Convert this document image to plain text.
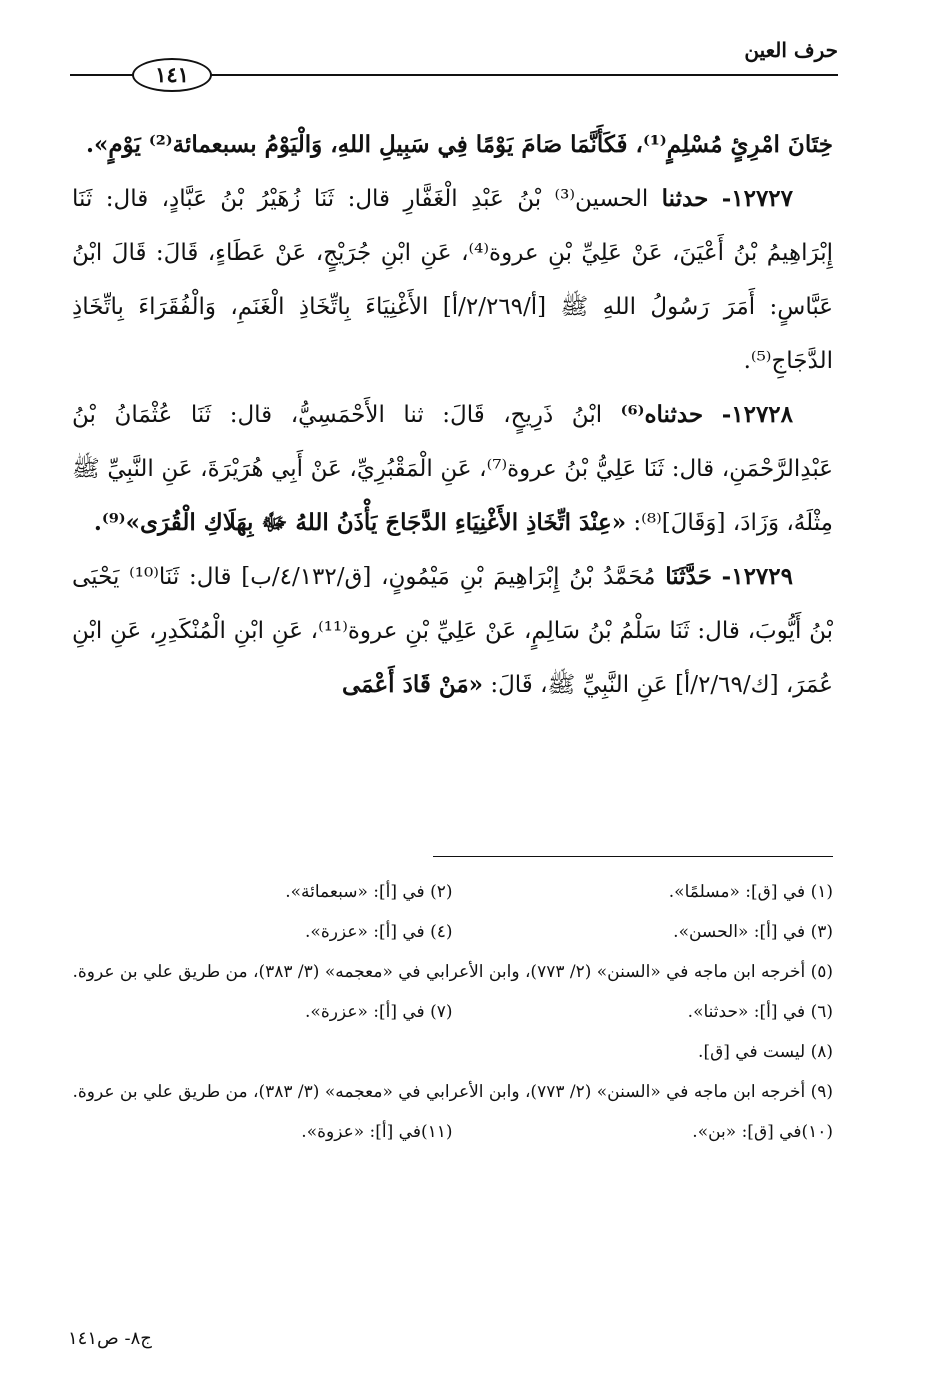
حرف العين
١٤١

خِتَانَ امْرِئٍ مُسْلِمٍ⁽¹⁾، فَكَأَنَّمَا صَامَ يَوْمًا فِي سَبِيلِ اللهِ، وَالْيَوْمُ بسبعمائة⁽²⁾ يَوْمٍ».

١٢٧٢٧- حدثنا الحسين⁽³⁾ بْنُ عَبْدِ الْغَفَّارِ قال: ثَنَا زُهَيْرُ بْنُ عَبَّادٍ، قال: ثَنَا إِبْرَاهِيمُ بْنُ أَعْيَنَ، عَنْ عَلِيِّ بْنِ عروة⁽⁴⁾، عَنِ ابْنِ جُرَيْجٍ، عَنْ عَطَاءٍ، قَالَ: قَالَ ابْنُ عَبَّاسٍ: أَمَرَ رَسُولُ اللهِ ﷺ [أ/٢/٢٦٩/أ] الأَغْنِيَاءَ بِاتِّخَاذِ الْغَنَمِ، وَالْفُقَرَاءَ بِاتِّخَاذِ الدَّجَاجِ⁽⁵⁾.

١٢٧٢٨- حدثناه⁽⁶⁾ ابْنُ ذَرِيحٍ، قَالَ: ثنا الأَحْمَسِيُّ، قال: ثَنَا عُثْمَانُ بْنُ عَبْدِالرَّحْمَنِ، قال: ثَنَا عَلِيُّ بْنُ عروة⁽⁷⁾، عَنِ الْمَقْبُرِيِّ، عَنْ أَبِي هُرَيْرَةَ، عَنِ النَّبِيِّ ﷺ مِثْلَهُ، وَزَادَ، [وَقَالَ]⁽⁸⁾: «عِنْدَ اتِّخَاذِ الأَغْنِيَاءِ الدَّجَاجَ يَأْذَنُ اللهُ ﷻ بِهَلَاكِ الْقُرَى»⁽⁹⁾.

١٢٧٢٩- حَدَّثَنَا مُحَمَّدُ بْنُ إِبْرَاهِيمَ بْنِ مَيْمُونٍ، [ق/٤/١٣٢/ب] قال: ثَنَا⁽¹⁰⁾ يَحْيَى بْنُ أَيُّوبَ، قال: ثَنَا سَلْمُ بْنُ سَالِمٍ، عَنْ عَلِيِّ بْنِ عروة⁽¹¹⁾، عَنِ ابْنِ الْمُنْكَدِرِ، عَنِ ابْنِ عُمَرَ، [ك/٢/٦٩/أ] عَنِ النَّبِيِّ ﷺ، قَالَ: «مَنْ قَادَ أَعْمَى

(١) في [ق]: «مسلمًا».
(٢) في [أ]: «سبعمائة».
(٣) في [أ]: «الحسن».
(٤) في [أ]: «عزرة».
(٥) أخرجه ابن ماجه في «السنن» (٢/ ٧٧٣)، وابن الأعرابي في «معجمه» (٣/ ٣٨٣)، من طريق علي بن عروة.
(٦) في [أ]: «حدثنا».
(٧) في [أ]: «عزرة».
(٨) ليست في [ق].
(٩) أخرجه ابن ماجه في «السنن» (٢/ ٧٧٣)، وابن الأعرابي في «معجمه» (٣/ ٣٨٣)، من طريق علي بن عروة.
(١٠)في [ق]: «بن».
(١١)في [أ]: «عزوة».
ج٨- ص١٤١
